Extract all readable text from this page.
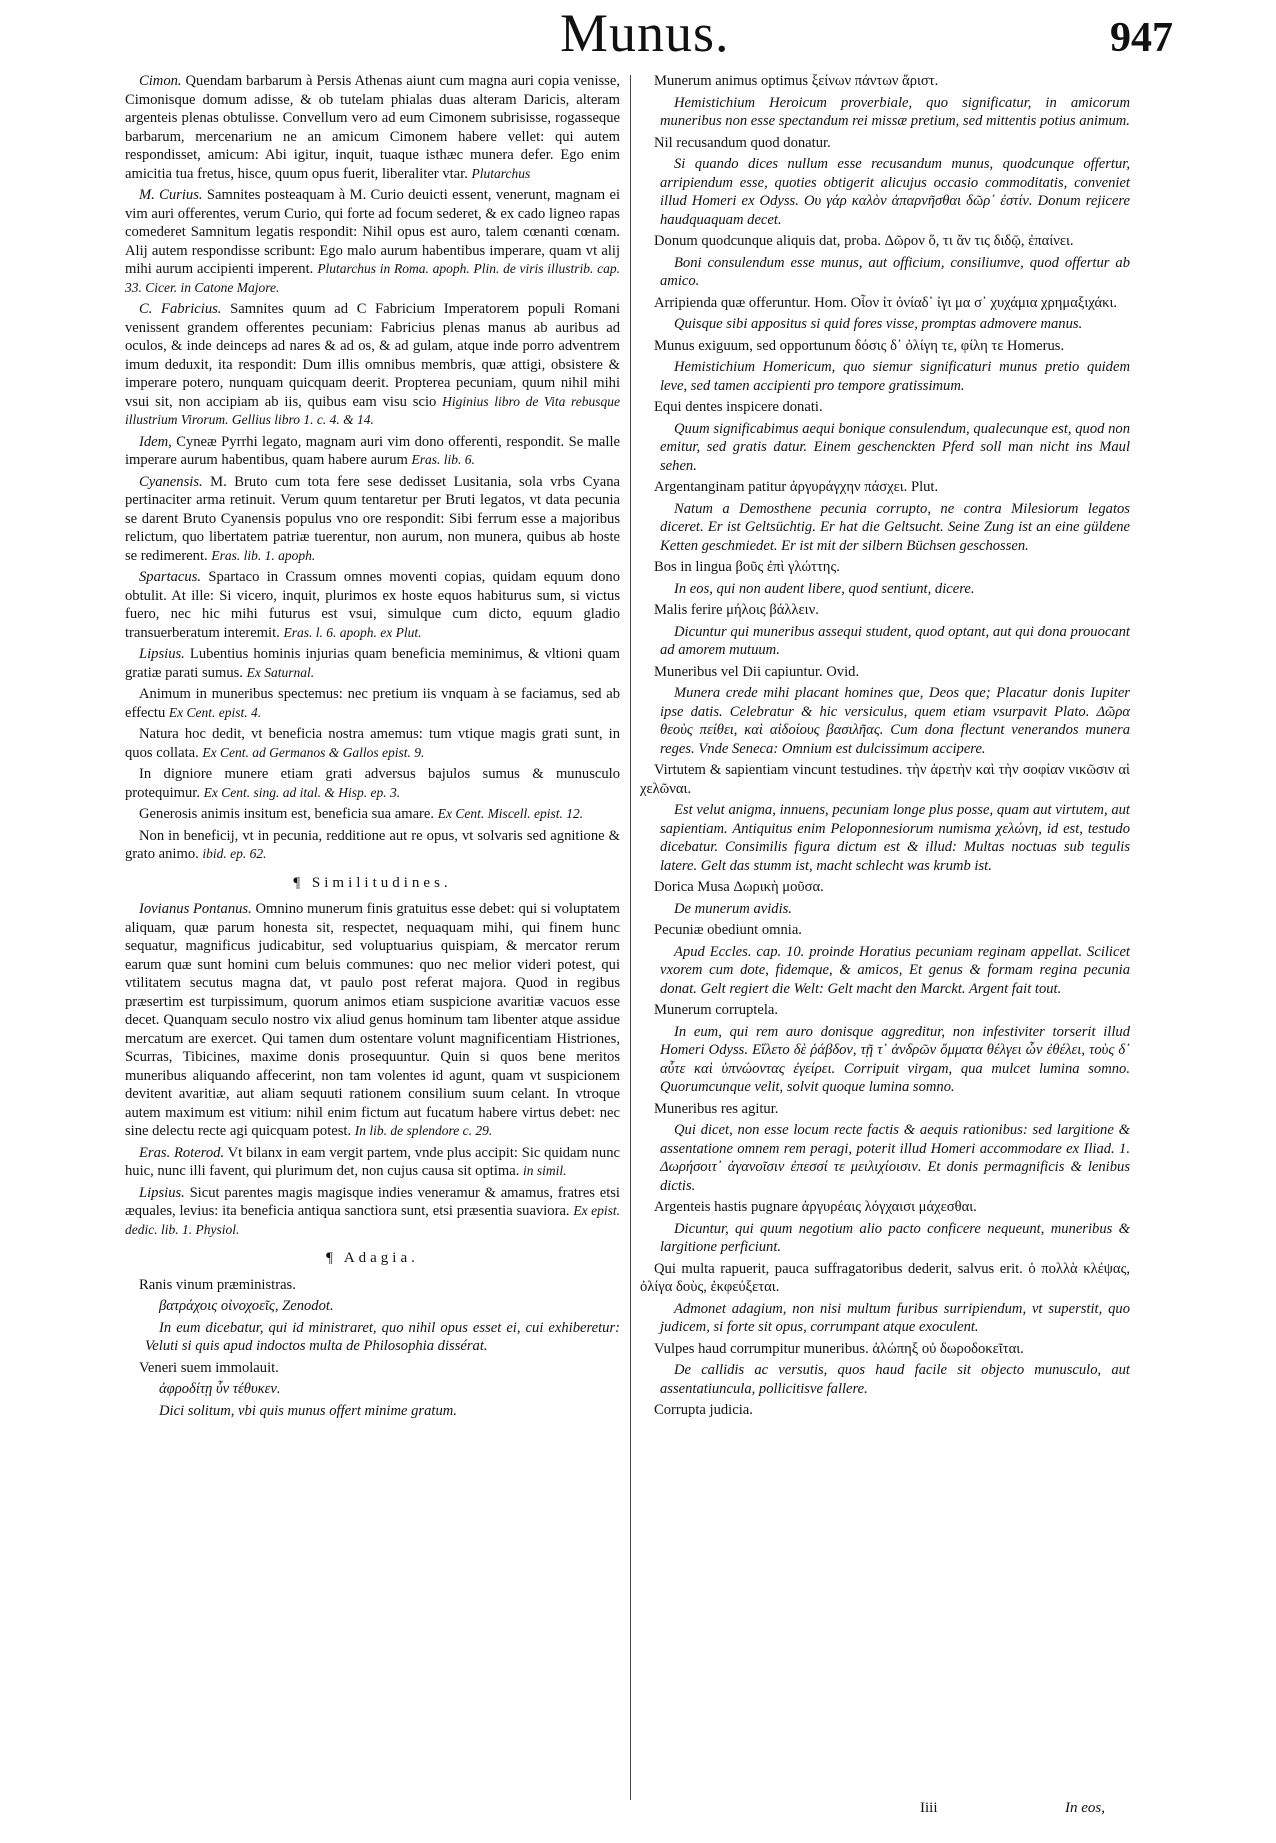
Munus.	947

Cimon. Quendam barbarum à Persis Athenas aiunt cum magna auri copia venisse, Cimonisque domum adisse, & ob tutelam phialas duas alteram Daricis, alteram argenteis plenas obtulisse. Convellum vero ad eum Cimonem subrisisse, rogasseque barbarum, mercenarium ne an amicum Cimonem habere vellet: qui autem respondisset, amicum: Abi igitur, inquit, tuaque isthæc munera defer. Ego enim amicitia tua fretus, hisce, quum opus fuerit, liberaliter vtar. Plutarchus

M. Curius. Samnites posteaquam à M. Curio deuicti essent, venerunt, magnam ei vim auri offerentes, verum Curio, qui forte ad focum sederet, & ex cado ligneo rapas comederet Samnitum legatis respondit: Nihil opus est auro, talem cœnanti cœnam. Alij autem respondisse scribunt: Ego malo aurum habentibus imperare, quam vt alij mihi aurum accipienti imperent. Plutarchus in Roma. apoph. Plin. de viris illustrib. cap. 33. Cicer. in Catone Majore.

C. Fabricius. Samnites quum ad C Fabricium Imperatorem populi Romani venissent grandem offerentes pecuniam: Fabricius plenas manus ab auribus ad oculos, & inde deinceps ad nares & ad os, & ad gulam, atque inde porro adventrem imum deduxit, ita respondit: Dum illis omnibus membris, quæ attigi, obsistere & imperare potero, nunquam quicquam deerit. Propterea pecuniam, quum nihil mihi vsui sit, non accipiam ab iis, quibus eam visu scio Higinius libro de Vita rebusque illustrium Virorum. Gellius libro 1. c. 4. & 14.

Idem, Cyneæ Pyrrhi legato, magnam auri vim dono offerenti, respondit. Se malle imperare aurum habentibus, quam habere aurum Eras. lib. 6.

Cyanensis. M. Bruto cum tota fere sese dedisset Lusitania, sola vrbs Cyana pertinaciter arma retinuit. Verum quum tentaretur per Bruti legatos, vt data pecunia se darent Bruto Cyanensis populus vno ore respondit: Sibi ferrum esse a majoribus relictum, quo libertatem patriæ tuerentur, non aurum, non munera, quibus ab hoste se redimerent. Eras. lib. 1. apoph.

Spartacus. Spartaco in Crassum omnes moventi copias, quidam equum dono obtulit. At ille: Si vicero, inquit, plurimos ex hoste equos habiturus sum, si victus fuero, nec hic mihi futurus est vsui, simulque cum dicto, equum gladio transuerberatum interemit. Eras. l. 6. apoph. ex Plut.

Lipsius. Lubentius hominis injurias quam beneficia meminimus, & vltioni quam gratiæ parati sumus. Ex Saturnal.

Animum in muneribus spectemus: nec pretium iis vnquam à se faciamus, sed ab effectu Ex Cent. epist. 4.

Natura hoc dedit, vt beneficia nostra amemus: tum vtique magis grati sunt, in quos collata. Ex Cent. ad Germanos & Gallos epist. 9.

In digniore munere etiam grati adversus bajulos sumus & munusculo protequimur. Ex Cent. sing. ad ital. & Hisp. ep. 3.

Generosis animis insitum est, beneficia sua amare. Ex Cent. Miscell. epist. 12.

Non in beneficij, vt in pecunia, redditione aut re opus, vt solvaris sed agnitione & grato animo. ibid. ep. 62.

¶ Similitudines.

Iovianus Pontanus. Omnino munerum finis gratuitus esse debet: qui si voluptatem aliquam, quæ parum honesta sit, respectet, nequaquam mihi, qui finem hunc sequatur, magnificus judicabitur, sed voluptuarius quispiam, & mercator rerum earum quæ sunt homini cum beluis communes: quo nec melior videri potest, qui vtilitatem secutus magna dat, vt paulo post referat majora. Quod in regibus præsertim est turpissimum, quorum animos etiam suspicione avaritiæ vacuos esse decet. Quanquam seculo nostro vix aliud genus hominum tam libenter atque assidue mercatum are exercet. Qui tamen dum ostentare volunt magnificentiam Histriones, Scurras, Tibicines, maxime donis prosequuntur. Quin si quos bene meritos muneribus aliquando affecerint, non tam volentes id agunt, quam vt suspicionem devitent avaritiæ, aut aliam sequuti rationem consilium suum celant. In vtroque autem maximum est vitium: nihil enim fictum aut fucatum habere virtus debet: nec sine delectu recte agi quicquam potest. In lib. de splendore c. 29.

Eras. Roterod. Vt bilanx in eam vergit partem, vnde plus accipit: Sic quidam nunc huic, nunc illi favent, qui plurimum det, non cujus causa sit optima. in simil.

Lipsius. Sicut parentes magis magisque indies veneramur & amamus, fratres etsi æquales, levius: ita beneficia antiqua sanctiora sunt, etsi præsentia suaviora. Ex epist. dedic. lib. 1. Physiol.

¶ Adagia.

Ranis vinum præministras.

βατράχοις οἰνοχοεῖς, Zenodot.

In eum dicebatur, qui id ministraret, quo nihil opus esset ei, cui exhiberetur: Veluti si quis apud indoctos multa de Philosophia dissérat.

Veneri suem immolauit.

ἀφροδίτῃ ὗν τέθυκεν.

Dici solitum, vbi quis munus offert minime gratum.

Munerum animus optimus ξείνων πάντων ἄριστ.

Hemistichium Heroicum proverbiale, quo significatur, in amicorum muneribus non esse spectandum rei missæ pretium, sed mittentis potius animum.

Nil recusandum quod donatur.

Si quando dices nullum esse recusandum munus, quodcunque offertur, arripiendum esse, quoties obtigerit alicujus occasio commoditatis, conveniet illud Homeri ex Odyss. Ου γάρ καλὸν ἀπαρνῆσθαι δῶρ᾿ ἐστίν. Donum rejicere haudquaquam decet.

Donum quodcunque aliquis dat, proba. Δῶρον ὅ, τι ἄν τις διδῷ, ἐπαίνει.

Boni consulendum esse munus, aut officium, consiliumve, quod offertur ab amico.

Arripienda quæ offeruntur. Hom. Οἷον ἰτ ὀνίαδ᾿ ἰγι μα σ᾿ χυχάμια χρημαξιχάκι.

Quisque sibi appositus si quid fores visse, promptas admovere manus.

Munus exiguum, sed opportunum δόσις δ᾿ ὀλίγη τε, φίλη τε Homerus.

Hemistichium Homericum, quo siemur significaturi munus pretio quidem leve, sed tamen accipienti pro tempore gratissimum.

Equi dentes inspicere donati.

Quum significabimus aequi bonique consulendum, qualecunque est, quod non emitur, sed gratis datur. Einem geschenckten Pferd soll man nicht ins Maul sehen.

Argentanginam patitur ἀργυράγχην πάσχει. Plut.

Natum a Demosthene pecunia corrupto, ne contra Milesiorum legatos diceret. Er ist Geltsüchtig. Er hat die Geltsucht. Seine Zung ist an eine güldene Ketten geschmiedet. Er ist mit der silbern Büchsen geschossen.

Bos in lingua βοῦς ἐπὶ γλώττης.

In eos, qui non audent libere, quod sentiunt, dicere.

Malis ferire μήλοις βάλλειν.

Dicuntur qui muneribus assequi student, quod optant, aut qui dona prouocant ad amorem mutuum.

Muneribus vel Dii capiuntur. Ovid.

Munera crede mihi placant homines que, Deos que; Placatur donis Iupiter ipse datis. Celebratur & hic versiculus, quem etiam vsurpavit Plato. Δῶρα θεοὺς πείθει, καὶ αἰδοίους βασιλῆας. Cum dona flectunt venerandos munera reges. Vnde Seneca: Omnium est dulcissimum accipere.

Virtutem & sapientiam vincunt testudines. τὴν ἀρετὴν καὶ τὴν σοφίαν νικῶσιν αἱ χελῶναι.

Est velut anigma, innuens, pecuniam longe plus posse, quam aut virtutem, aut sapientiam. Antiquitus enim Peloponnesiorum numisma χελώνη, id est, testudo dicebatur. Consimilis figura dictum est & illud: Multas noctuas sub tegulis latere. Gelt das stumm ist, macht schlecht was krumb ist.

Dorica Musa Δωρικὴ μοῦσα.

De munerum avidis.

Pecuniæ obediunt omnia.

Apud Eccles. cap. 10. proinde Horatius pecuniam reginam appellat. Scilicet vxorem cum dote, fidemque, & amicos, Et genus & formam regina pecunia donat. Gelt regiert die Welt: Gelt macht den Marckt. Argent fait tout.

Munerum corruptela.

In eum, qui rem auro donisque aggreditur, non infestiviter torserit illud Homeri Odyss. Εἵλετο δὲ ῥάβδον, τῇ τ᾿ ἀνδρῶν ὄμματα θέλγει ὧν ἐθέλει, τοὺς δ᾿ αὖτε καὶ ὑπνώοντας ἐγείρει. Corripuit virgam, qua mulcet lumina somno. Quorumcunque velit, solvit quoque lumina somno.

Muneribus res agitur.

Qui dicet, non esse locum recte factis & aequis rationibus: sed largitione & assentatione omnem rem peragi, poterit illud Homeri accommodare ex Iliad. 1. Δωρήσοιτ᾿ ἀγανοῖσιν ἐπεσσί τε μειλιχίοισιν. Et donis permagnificis & lenibus dictis.

Argenteis hastis pugnare ἀργυρέαις λόγχαισι μάχεσθαι.

Dicuntur, qui quum negotium alio pacto conficere nequeunt, muneribus & largitione perficiunt.

Qui multa rapuerit, pauca suffragatoribus dederit, salvus erit. ὁ πολλὰ κλέψας, ὀλίγα δοὺς, ἐκφεύξεται.

Admonet adagium, non nisi multum furibus surripiendum, vt superstit, quo judicem, si forte sit opus, corrumpant atque exoculent.

Vulpes haud corrumpitur muneribus. ἀλώπηξ οὐ δωροδοκεῖται.

De callidis ac versutis, quos haud facile sit objecto munusculo, aut assentatiuncula, pollicitisve fallere.

Corrupta judicia.

Iiii	In eos,
